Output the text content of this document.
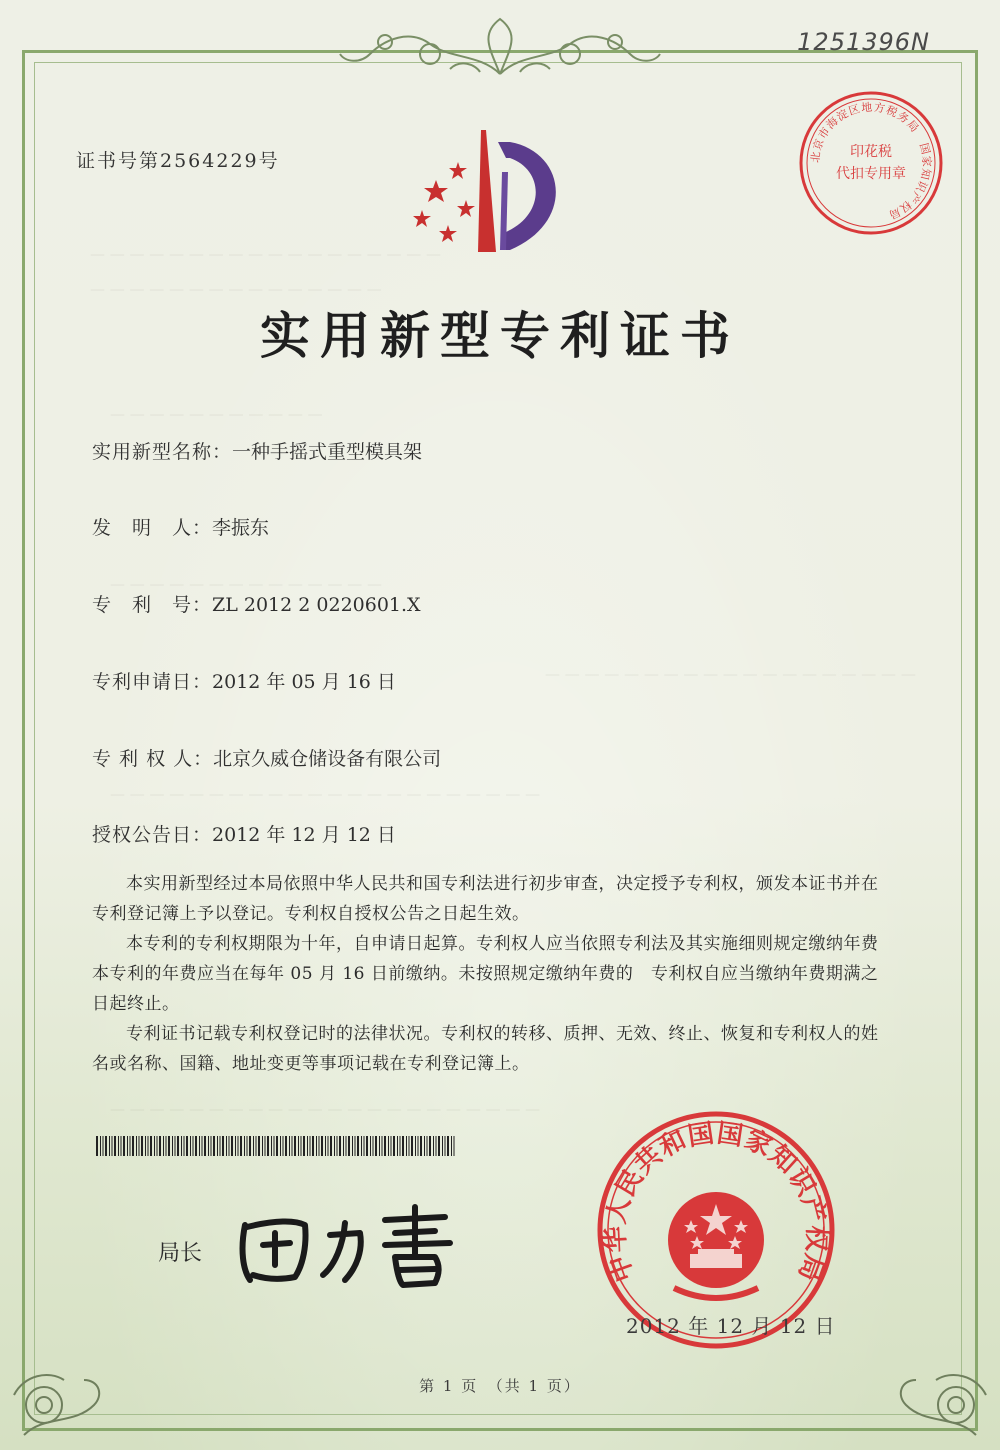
— — — — — — — — — — — — — — — — — —
— — — — — — — — — — — — — — —
— — — — — — — — — — —
— — — — — — — — — — — — — —
— — — — — — — — — — — — — — — — — — —
— — — — — — — — — — — — — — — — — — — — — —
— — — — — — — — — — — — — — — — — — — — — —
1251396N
证书号第2564229号	印花税
代扣专用章
北京市海淀区地方税务局　国家知识产权局
实用新型专利证书
实用新型名称：一种手摇式重型模具架
发　明　人：李振东
专　利　号：ZL 2012 2 0220601.X
专利申请日：2012 年 05 月 16 日
专 利 权 人：北京久威仓储设备有限公司
授权公告日：2012 年 12 月 12 日

本实用新型经过本局依照中华人民共和国专利法进行初步审查，决定授予专利权，颁发本证书并在专利登记簿上予以登记。专利权自授权公告之日起生效。

本专利的专利权期限为十年，自申请日起算。专利权人应当依照专利法及其实施细则规定缴纳年费　本专利的年费应当在每年 05 月 16 日前缴纳。未按照规定缴纳年费的　专利权自应当缴纳年费期满之日起终止。

专利证书记载专利权登记时的法律状况。专利权的转移、质押、无效、终止、恢复和专利权人的姓名或名称、国籍、地址变更等事项记载在专利登记簿上。

局长	中华人民共和国国家知识产权局
2012 年 12 月 12 日
第 1 页　（共 1 页）
